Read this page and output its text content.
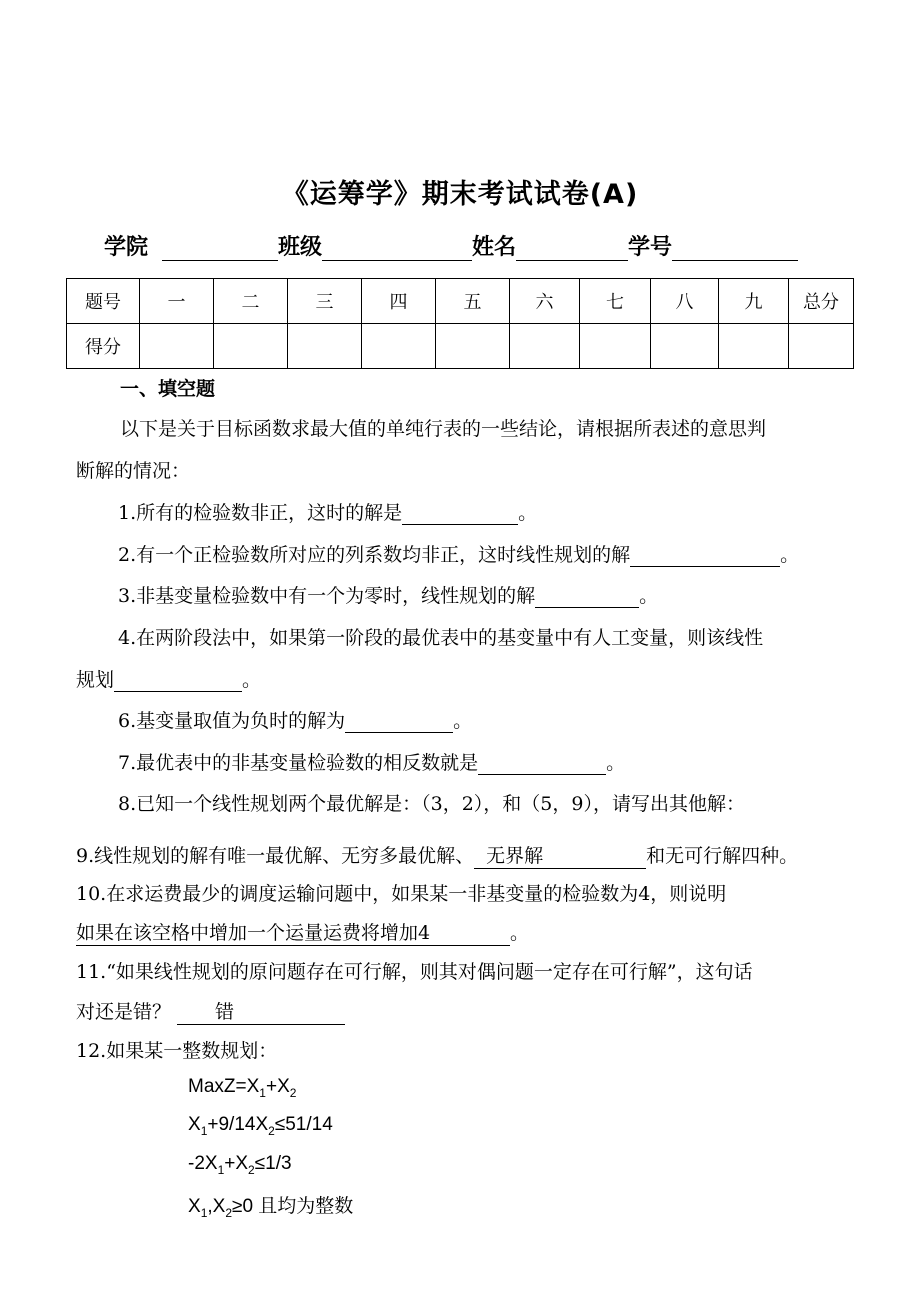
《运筹学》期末考试试卷(A)
学院	班级	姓名	学号
题号	一	二	三	四	五	六	七	八	九	总分
得分										
一、填空题
以下是关于目标函数求最大值的单纯行表的一些结论，请根据所表述的意思判
断解的情况：
1.所有的检验数非正，这时的解是	。
2.有一个正检验数所对应的列系数均非正，这时线性规划的解	。
3.非基变量检验数中有一个为零时，线性规划的解	。
4.在两阶段法中，如果第一阶段的最优表中的基变量中有人工变量，则该线性
规划	。
6.基变量取值为负时的解为	。
7.最优表中的非基变量检验数的相反数就是	。
8.已知一个线性规划两个最优解是：（3，2），和（5，9），请写出其他解：
9.线性规划的解有唯一最优解、无穷多最优解、 无界解	和无可行解四种。
10.在求运费最少的调度运输问题中，如果某一非基变量的检验数为4，则说明
如果在该空格中增加一个运量运费将增加4	。
11.“如果线性规划的原问题存在可行解，则其对偶问题一定存在可行解”，这句话
对还是错？ 错
12.如果某一整数规划：
$MaxZ=X_1+X_2$
$X_1+9/14X_2\le 51/14$
$-2X_1+X_2\le 1/3$
$X_1,X_2\ge 0$ 且均为整数
